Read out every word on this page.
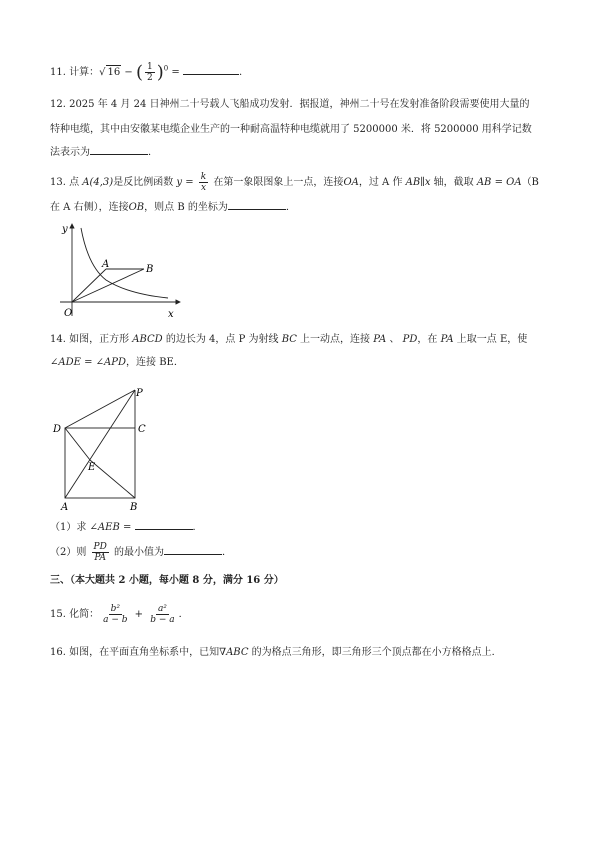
11. 计算：√ 16 − ( $\frac{1}{2} )^0$ =	.
12. 2025 年 4 月 24 日神州二十号载人飞船成功发射．据报道，神州二十号在发射准备阶段需要使用大量的
特种电缆，其中由安徽某电缆企业生产的一种耐高温特种电缆就用了 5200000 米．将 5200000 用科学记数
法表示为	．
13. 点 A(4,3)是反比例函数 $y = \frac{k}{x}$ 在第一象限图象上一点，连接OA，过 A 作 AB∥x 轴，截取 AB = OA（B
在 A 右侧），连接OB，则点 B 的坐标为	．
y
x
O
A	B
14. 如图，正方形 ABCD 的边长为 4，点 P 为射线 BC 上一动点，连接 PA 、 PD，在 PA 上取一点 E，使
∠ADE = ∠APD，连接 BE．
P
D	C
E
A	B
（1）求 ∠AEB =	．
（2）则 $\frac{PD}{PA}$ 的最小值为	．
三、（本大题共 2 小题，每小题 8 分，满分 16 分）
15. 化简： $\frac{\text{b²}}{a - b} + \frac{\text{a²}}{b - a}$ ．
16. 如图，在平面直角坐标系中，已知∇ABC 的为格点三角形，即三角形三个顶点都在小方格格点上．
